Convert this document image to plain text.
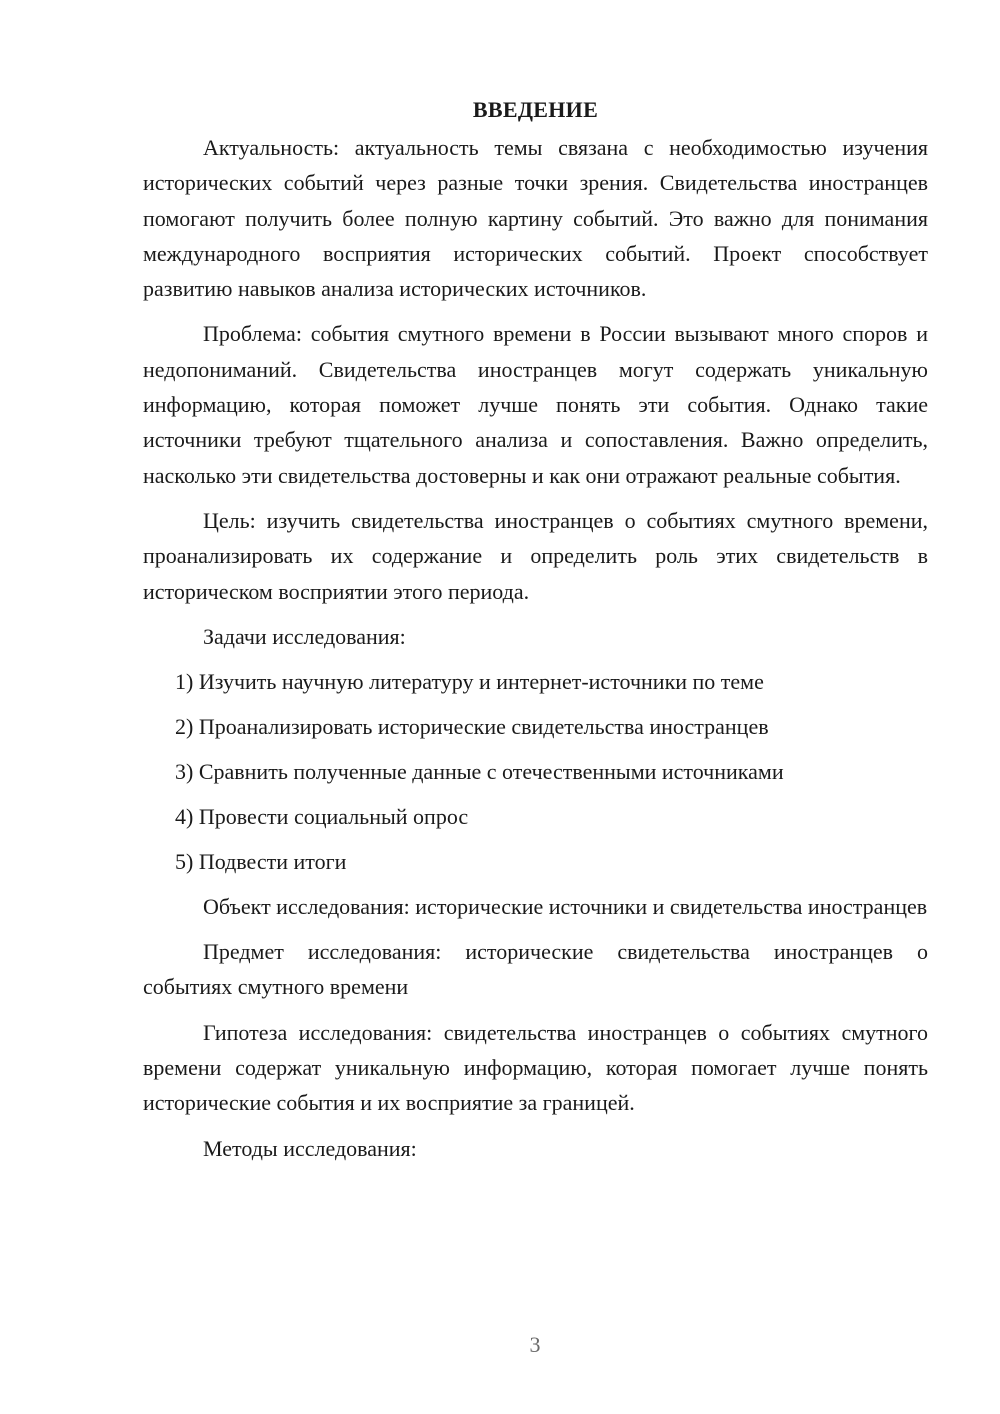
ВВЕДЕНИЕ

Актуальность: актуальность темы связана с необходимостью изучения исторических событий через разные точки зрения. Свидетельства иностранцев помогают получить более полную картину событий. Это важно для понимания международного восприятия исторических событий. Проект способствует развитию навыков анализа исторических источников.

Проблема: события смутного времени в России вызывают много споров и недопониманий. Свидетельства иностранцев могут содержать уникальную информацию, которая поможет лучше понять эти события. Однако такие источники требуют тщательного анализа и сопоставления. Важно определить, насколько эти свидетельства достоверны и как они отражают реальные события.

Цель: изучить свидетельства иностранцев о событиях смутного времени, проанализировать их содержание и определить роль этих свидетельств в историческом восприятии этого периода.

Задачи исследования:
1) Изучить научную литературу и интернет-источники по теме
2) Проанализировать исторические свидетельства иностранцев
3) Сравнить полученные данные с отечественными источниками
4) Провести социальный опрос
5) Подвести итоги

Объект исследования: исторические источники и свидетельства иностранцев

Предмет исследования: исторические свидетельства иностранцев о событиях смутного времени

Гипотеза исследования: свидетельства иностранцев о событиях смутного времени содержат уникальную информацию, которая помогает лучше понять исторические события и их восприятие за границей.

Методы исследования:
3
